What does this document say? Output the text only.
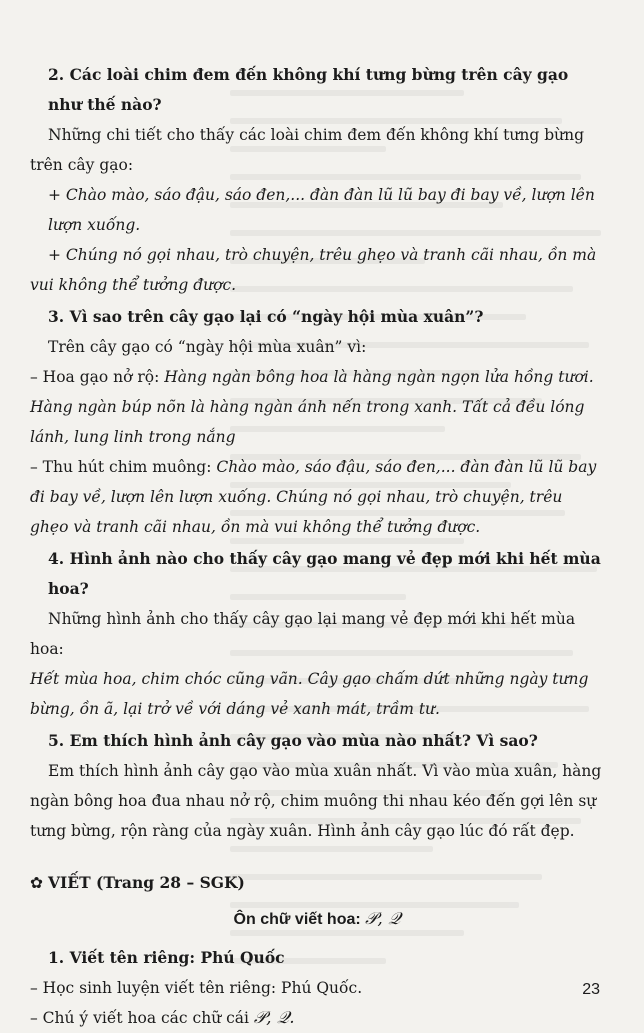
2. Các loài chim đem đến không khí tưng bừng trên cây gạo như thế nào?

Những chi tiết cho thấy các loài chim đem đến không khí tưng bừng trên cây gạo:

+ Chào mào, sáo đậu, sáo đen,... đàn đàn lũ lũ bay đi bay về, lượn lên lượn xuống.

+ Chúng nó gọi nhau, trò chuyện, trêu ghẹo và tranh cãi nhau, ồn mà vui không thể tưởng được.

3. Vì sao trên cây gạo lại có “ngày hội mùa xuân”?

Trên cây gạo có “ngày hội mùa xuân” vì:

– Hoa gạo nở rộ: Hàng ngàn bông hoa là hàng ngàn ngọn lửa hồng tươi. Hàng ngàn búp nõn là hàng ngàn ánh nến trong xanh. Tất cả đều lóng lánh, lung linh trong nắng

– Thu hút chim muông: Chào mào, sáo đậu, sáo đen,... đàn đàn lũ lũ bay đi bay về, lượn lên lượn xuống. Chúng nó gọi nhau, trò chuyện, trêu ghẹo và tranh cãi nhau, ồn mà vui không thể tưởng được.

4. Hình ảnh nào cho thấy cây gạo mang vẻ đẹp mới khi hết mùa hoa?

Những hình ảnh cho thấy cây gạo lại mang vẻ đẹp mới khi hết mùa hoa:

Hết mùa hoa, chim chóc cũng vãn. Cây gạo chấm dứt những ngày tưng bừng, ồn ã, lại trở về với dáng vẻ xanh mát, trầm tư.

5. Em thích hình ảnh cây gạo vào mùa nào nhất? Vì sao?

Em thích hình ảnh cây gạo vào mùa xuân nhất. Vì vào mùa xuân, hàng ngàn bông hoa đua nhau nở rộ, chim muông thi nhau kéo đến gợi lên sự tưng bừng, rộn ràng của ngày xuân. Hình ảnh cây gạo lúc đó rất đẹp.

✿ VIẾT (Trang 28 – SGK)

Ôn chữ viết hoa: 𝒫, 𝒬

1. Viết tên riêng: Phú Quốc

– Học sinh luyện viết tên riêng: Phú Quốc.

– Chú ý viết hoa các chữ cái 𝒫, 𝒬.

23
